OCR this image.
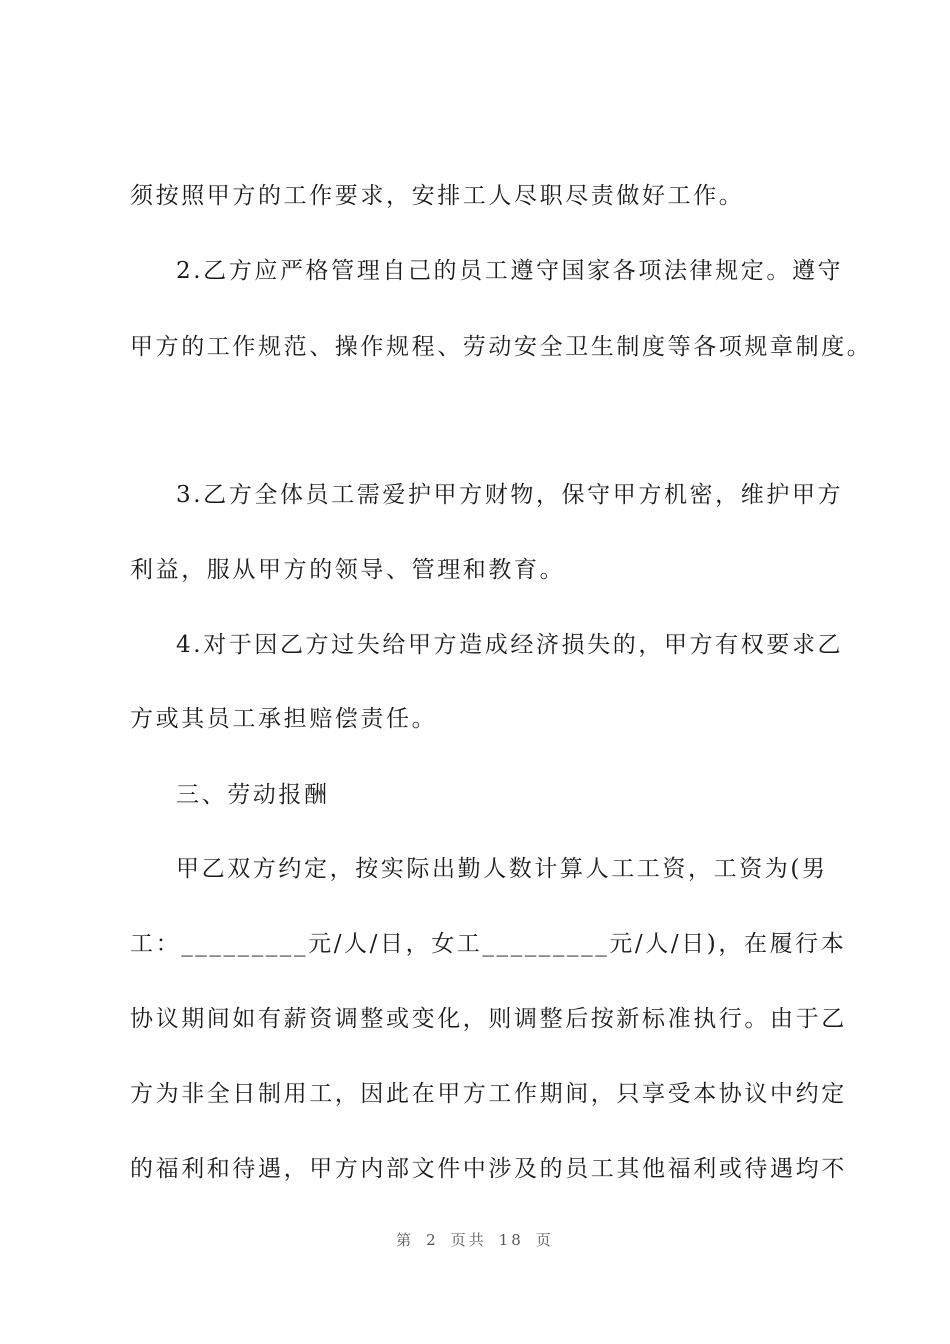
须按照甲方的工作要求，安排工人尽职尽责做好工作。
2.乙方应严格管理自己的员工遵守国家各项法律规定。遵守
甲方的工作规范、操作规程、劳动安全卫生制度等各项规章制度。
3.乙方全体员工需爱护甲方财物，保守甲方机密，维护甲方
利益，服从甲方的领导、管理和教育。
4.对于因乙方过失给甲方造成经济损失的，甲方有权要求乙
方或其员工承担赔偿责任。
三、劳动报酬
甲乙双方约定，按实际出勤人数计算人工工资，工资为(男
工：_________元/人/日，女工_________元/人/日)，在履行本
协议期间如有薪资调整或变化，则调整后按新标准执行。由于乙
方为非全日制用工，因此在甲方工作期间，只享受本协议中约定
的福利和待遇，甲方内部文件中涉及的员工其他福利或待遇均不
第 2 页共 18 页
